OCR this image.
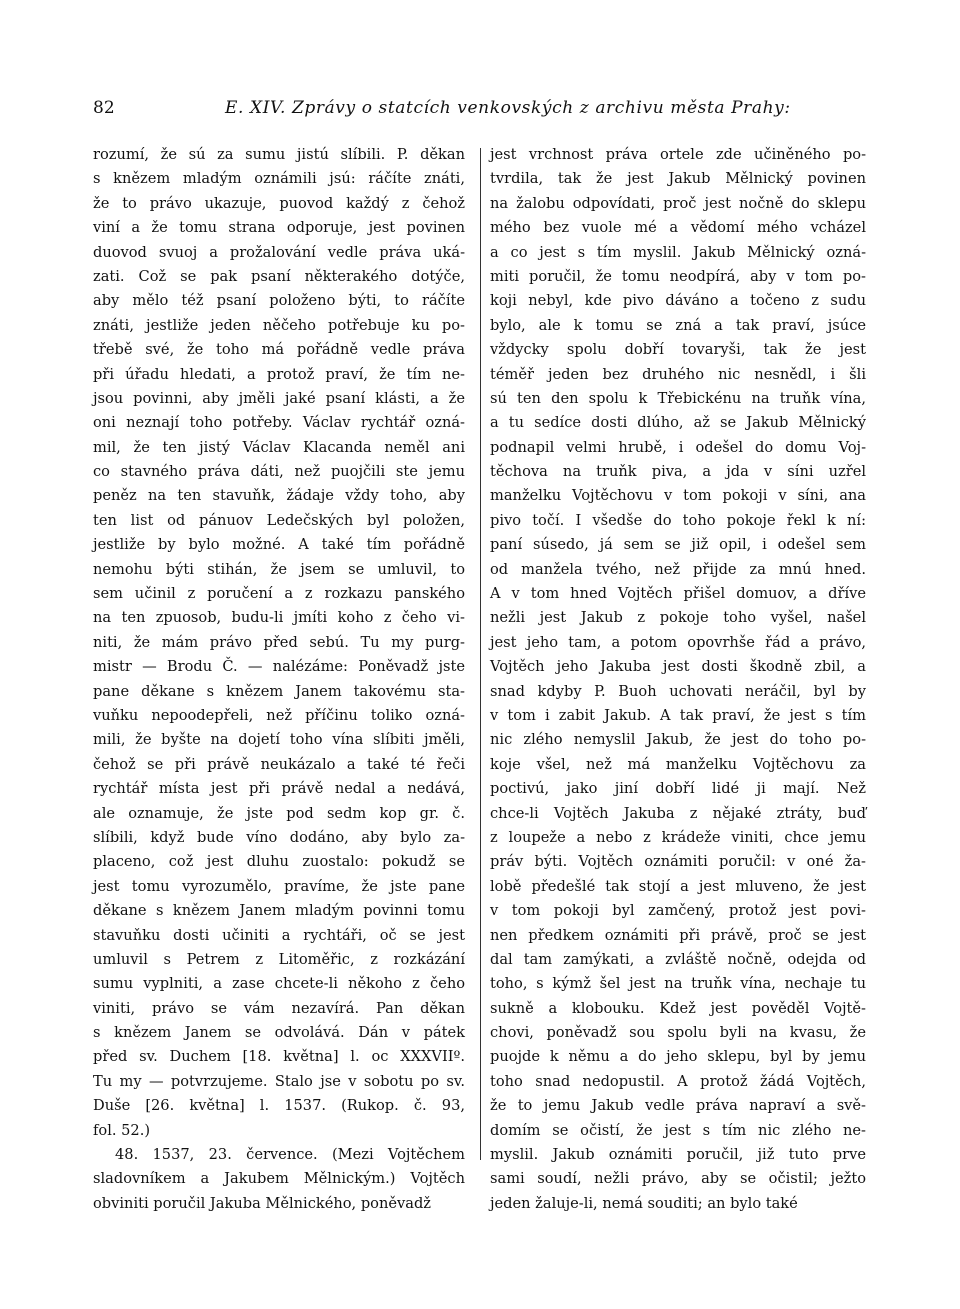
82	E. XIV. Zprávy o statcích venkovských z archivu města Prahy:
rozumí, že sú za sumu jistú slíbili. P. děkan
s knězem mladým oznámili jsú: ráčíte znáti,
že to právo ukazuje, puovod každý z čehož
viní a že tomu strana odporuje, jest povinen
duovod svuoj a prožalování vedle práva uká-
zati. Což se pak psaní některakého dotýče,
aby mělo též psaní položeno býti, to ráčíte
znáti, jestliže jeden něčeho potřebuje ku po-
třebě své, že toho má pořádně vedle práva
při úřadu hledati, a protož praví, že tím ne-
jsou povinni, aby jměli jaké psaní klásti, a že
oni neznají toho potřeby. Václav rychtář ozná-
mil, že ten jistý Václav Klacanda neměl ani
co stavného práva dáti, než puojčili ste jemu
peněz na ten stavuňk, žádaje vždy toho, aby
ten list od pánuov Ledečských byl položen,
jestliže by bylo možné. A také tím pořádně
nemohu býti stihán, že jsem se umluvil, to
sem učinil z poručení a z rozkazu panského
na ten zpuosob, budu-li jmíti koho z čeho vi-
niti, že mám právo před sebú. Tu my purg-
mistr — Brodu Č. — nalézáme: Poněvadž jste
pane děkane s knězem Janem takovému sta-
vuňku nepoodepřeli, než příčinu toliko ozná-
mili, že byšte na dojetí toho vína slíbiti jměli,
čehož se při právě neukázalo a také té řeči
rychtář místa jest při právě nedal a nedává,
ale oznamuje, že jste pod sedm kop gr. č.
slíbili, když bude víno dodáno, aby bylo za-
placeno, což jest dluhu zuostalo: pokudž se
jest tomu vyrozumělo, pravíme, že jste pane
děkane s knězem Janem mladým povinni tomu
stavuňku dosti učiniti a rychtáři, oč se jest
umluvil s Petrem z Litoměřic, z rozkázání
sumu vyplniti, a zase chcete-li někoho z čeho
viniti, právo se vám nezavírá. Pan děkan
s knězem Janem se odvolává. Dán v pátek
před sv. Duchem [18. května] l. oc XXXVIIº.
Tu my — potvrzujeme. Stalo jse v sobotu po sv.
Duše [26. května] l. 1537. (Rukop. č. 93,
fol. 52.)
48. 1537, 23. července. (Mezi Vojtěchem
sladovníkem a Jakubem Mělnickým.) Vojtěch
obviniti poručil Jakuba Mělnického, poněvadž
jest vrchnost práva ortele zde učiněného po-
tvrdila, tak že jest Jakub Mělnický povinen
na žalobu odpovídati, proč jest nočně do sklepu
mého bez vuole mé a vědomí mého vcházel
a co jest s tím myslil. Jakub Mělnický ozná-
miti poručil, že tomu neodpírá, aby v tom po-
koji nebyl, kde pivo dáváno a točeno z sudu
bylo, ale k tomu se zná a tak praví, jsúce
vždycky spolu dobří tovaryši, tak že jest
téměř jeden bez druhého nic nesnědl, i šli
sú ten den spolu k Třebickénu na truňk vína,
a tu sedíce dosti dlúho, až se Jakub Mělnický
podnapil velmi hrubě, i odešel do domu Voj-
těchova na truňk piva, a jda v síni uzřel
manželku Vojtěchovu v tom pokoji v síni, ana
pivo točí. I všedše do toho pokoje řekl k ní:
paní súsedo, já sem se již opil, i odešel sem
od manžela tvého, než přijde za mnú hned.
A v tom hned Vojtěch přišel domuov, a dříve
nežli jest Jakub z pokoje toho vyšel, našel
jest jeho tam, a potom opovrhše řád a právo,
Vojtěch jeho Jakuba jest dosti škodně zbil, a
snad kdyby P. Buoh uchovati neráčil, byl by
v tom i zabit Jakub. A tak praví, že jest s tím
nic zlého nemyslil Jakub, že jest do toho po-
koje všel, než má manželku Vojtěchovu za
poctivú, jako jiní dobří lidé ji mají. Než
chce-li Vojtěch Jakuba z nějaké ztráty, buď
z loupeže a nebo z krádeže viniti, chce jemu
práv býti. Vojtěch oznámiti poručil: v oné ža-
lobě předešlé tak stojí a jest mluveno, že jest
v tom pokoji byl zamčený, protož jest povi-
nen předkem oznámiti při právě, proč se jest
dal tam zamýkati, a zvláště nočně, odejda od
toho, s kýmž šel jest na truňk vína, nechaje tu
sukně a klobouku. Kdež jest pověděl Vojtě-
chovi, poněvadž sou spolu byli na kvasu, že
puojde k němu a do jeho sklepu, byl by jemu
toho snad nedopustil. A protož žádá Vojtěch,
že to jemu Jakub vedle práva napraví a svě-
domím se očistí, že jest s tím nic zlého ne-
myslil. Jakub oznámiti poručil, již tuto prve
sami soudí, nežli právo, aby se očistil; ježto
jeden žaluje-li, nemá souditi; an bylo také
